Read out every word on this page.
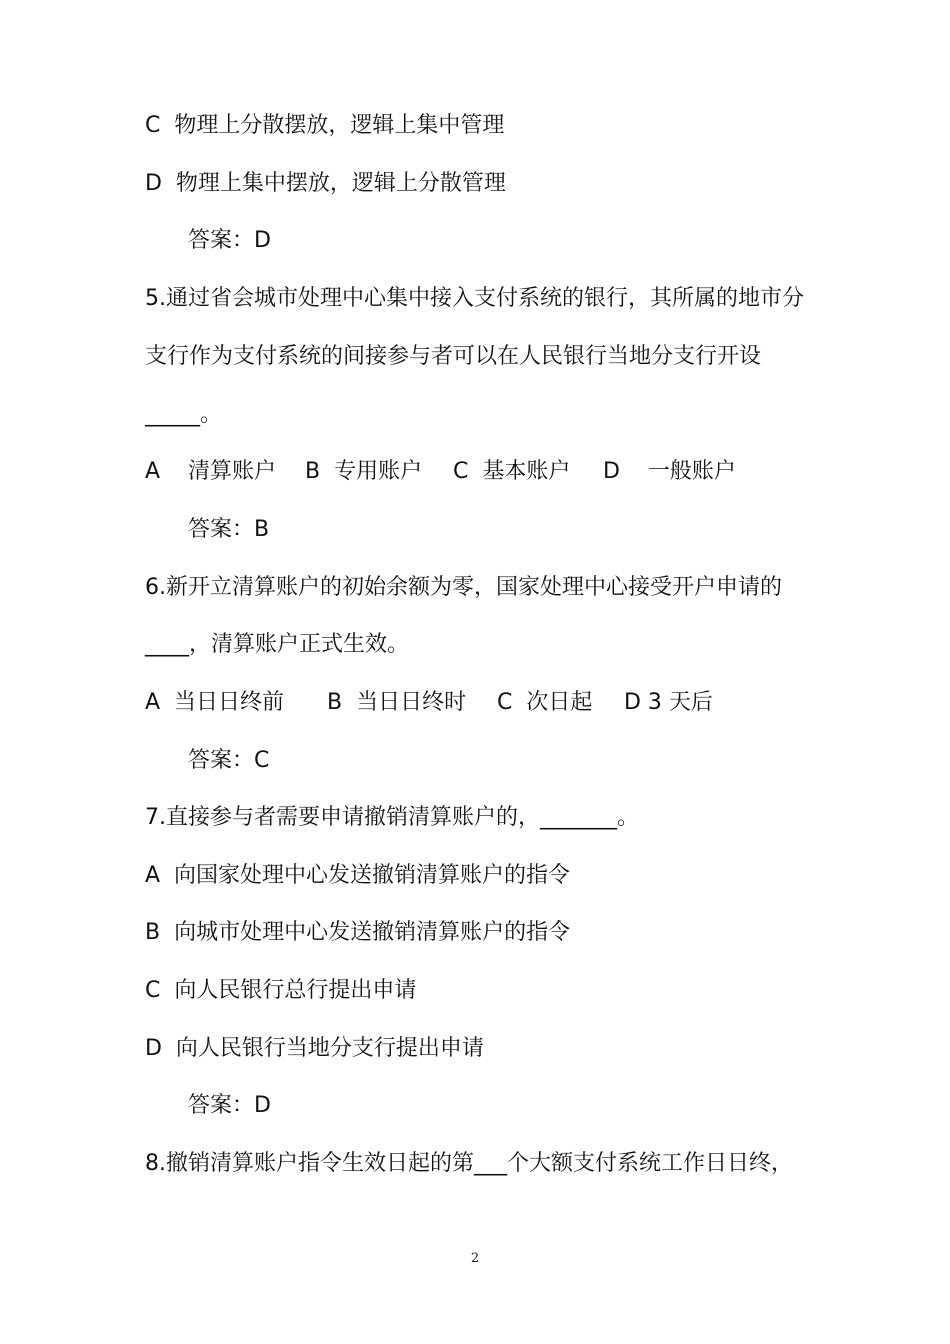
C  物理上分散摆放，逻辑上集中管理
D  物理上集中摆放，逻辑上分散管理
答案：D
5.通过省会城市处理中心集中接入支付系统的银行，其所属的地市分
支行作为支付系统的间接参与者可以在人民银行当地分支行开设
_____。

A    清算账户

B  专用账户

C  基本账户

D    一般账户

答案：B
6.新开立清算账户的初始余额为零，国家处理中心接受开户申请的
____，清算账户正式生效。

A  当日日终前

B  当日日终时

C  次日起

D 3 天后

答案：C
7.直接参与者需要申请撤销清算账户的，_______。
A  向国家处理中心发送撤销清算账户的指令
B  向城市处理中心发送撤销清算账户的指令
C  向人民银行总行提出申请
D  向人民银行当地分支行提出申请
答案：D
8.撤销清算账户指令生效日起的第___个大额支付系统工作日日终，
2
